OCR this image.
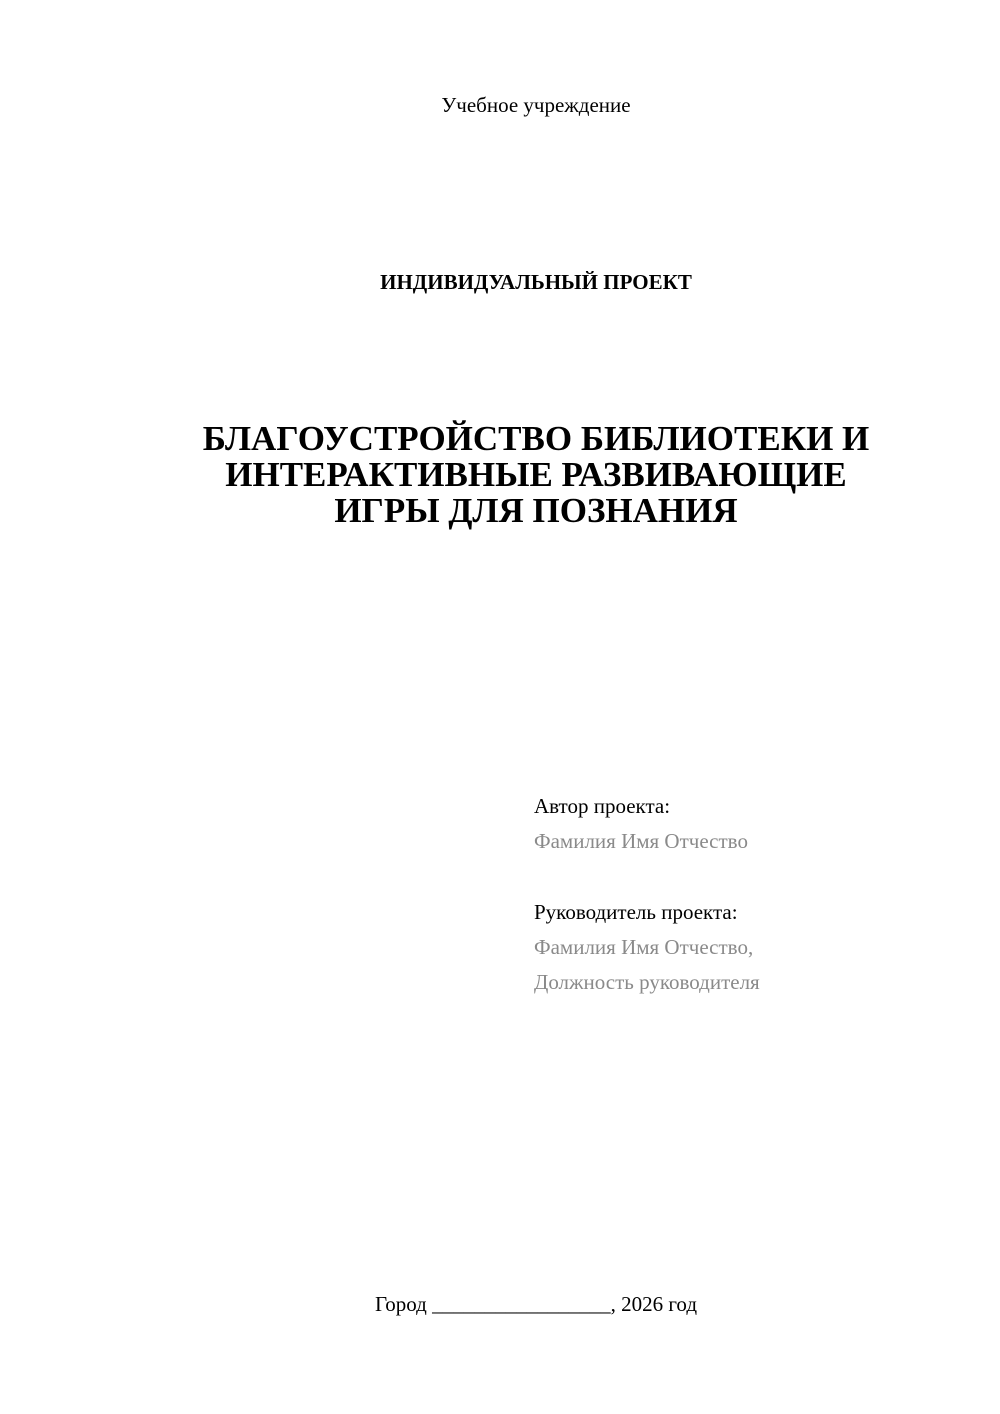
Учебное учреждение
ИНДИВИДУАЛЬНЫЙ ПРОЕКТ
БЛАГОУСТРОЙСТВО БИБЛИОТЕКИ И
ИНТЕРАКТИВНЫЕ РАЗВИВАЮЩИЕ
ИГРЫ ДЛЯ ПОЗНАНИЯ
Автор проекта:
Фамилия Имя Отчество
Руководитель проекта:
Фамилия Имя Отчество,
Должность руководителя
Город _________________, 2026 год
